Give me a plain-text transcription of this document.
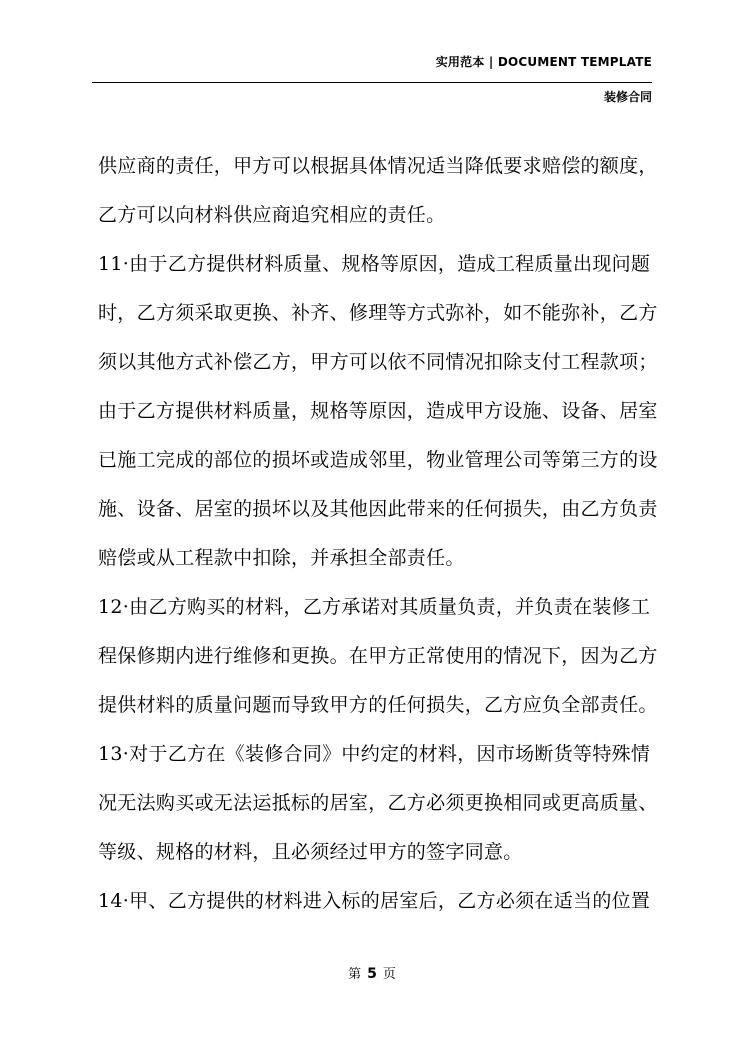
实用范本 | DOCUMENT TEMPLATE
装修合同
供应商的责任，甲方可以根据具体情况适当降低要求赔偿的额度，
乙方可以向材料供应商追究相应的责任。
11·由于乙方提供材料质量、规格等原因，造成工程质量出现问题
时，乙方须采取更换、补齐、修理等方式弥补，如不能弥补，乙方
须以其他方式补偿乙方，甲方可以依不同情况扣除支付工程款项；
由于乙方提供材料质量，规格等原因，造成甲方设施、设备、居室
已施工完成的部位的损坏或造成邻里，物业管理公司等第三方的设
施、设备、居室的损坏以及其他因此带来的任何损失，由乙方负责
赔偿或从工程款中扣除，并承担全部责任。
12·由乙方购买的材料，乙方承诺对其质量负责，并负责在装修工
程保修期内进行维修和更换。在甲方正常使用的情况下，因为乙方
提供材料的质量问题而导致甲方的任何损失，乙方应负全部责任。
13·对于乙方在《装修合同》中约定的材料，因市场断货等特殊情
况无法购买或无法运抵标的居室，乙方必须更换相同或更高质量、
等级、规格的材料，且必须经过甲方的签字同意。
14·甲、乙方提供的材料进入标的居室后，乙方必须在适当的位置
第 5 页
